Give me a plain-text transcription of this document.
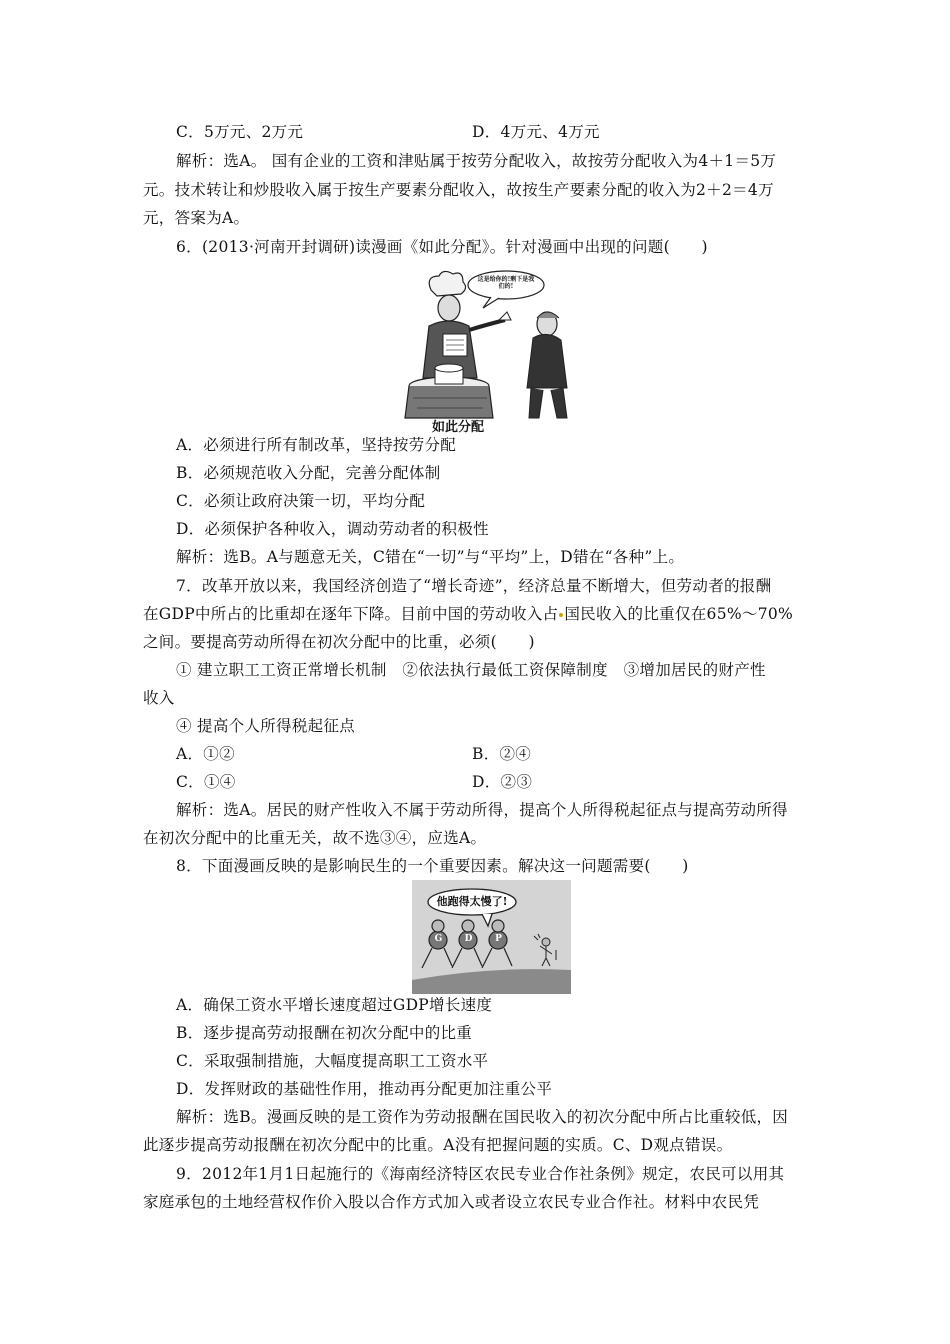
C．5万元、2万元	D．4万元、4万元
解析：选A。 国有企业的工资和津贴属于按劳分配收入，故按劳分配收入为4＋1＝5万
元。技术转让和炒股收入属于按生产要素分配收入，故按生产要素分配的收入为2＋2＝4万
元，答案为A。
6．(2013·河南开封调研)读漫画《如此分配》。针对漫画中出现的问题(　　)
这是给你的!剩下是我们的!
如此分配
A．必须进行所有制改革，坚持按劳分配
B．必须规范收入分配，完善分配体制
C．必须让政府决策一切，平均分配
D．必须保护各种收入，调动劳动者的积极性
解析：选B。A与题意无关，C错在“一切”与“平均”上，D错在“各种”上。
7．改革开放以来，我国经济创造了“增长奇迹”，经济总量不断增大，但劳动者的报酬
在GDP中所占的比重却在逐年下降。目前中国的劳动收入占 国民收入的比重仅在65%～70%
之间。要提高劳动所得在初次分配中的比重，必须(　　)
① 建立职工工资正常增长机制　②依法执行最低工资保障制度　③增加居民的财产性
收入
④ 提高个人所得税起征点
A．①②	B．②④
C．①④	D．②③
解析：选A。居民的财产性收入不属于劳动所得，提高个人所得税起征点与提高劳动所得
在初次分配中的比重无关，故不选③④，应选A。
8．下面漫画反映的是影响民生的一个重要因素。解决这一问题需要(　　)
他跑得太慢了!
G D	P
A．确保工资水平增长速度超过GDP增长速度
B．逐步提高劳动报酬在初次分配中的比重
C．采取强制措施，大幅度提高职工工资水平
D．发挥财政的基础性作用，推动再分配更加注重公平
解析：选B。漫画反映的是工资作为劳动报酬在国民收入的初次分配中所占比重较低，因
此逐步提高劳动报酬在初次分配中的比重。A没有把握问题的实质。C、D观点错误。
9．2012年1月1日起施行的《海南经济特区农民专业合作社条例》规定，农民可以用其
家庭承包的土地经营权作价入股以合作方式加入或者设立农民专业合作社。材料中农民凭
